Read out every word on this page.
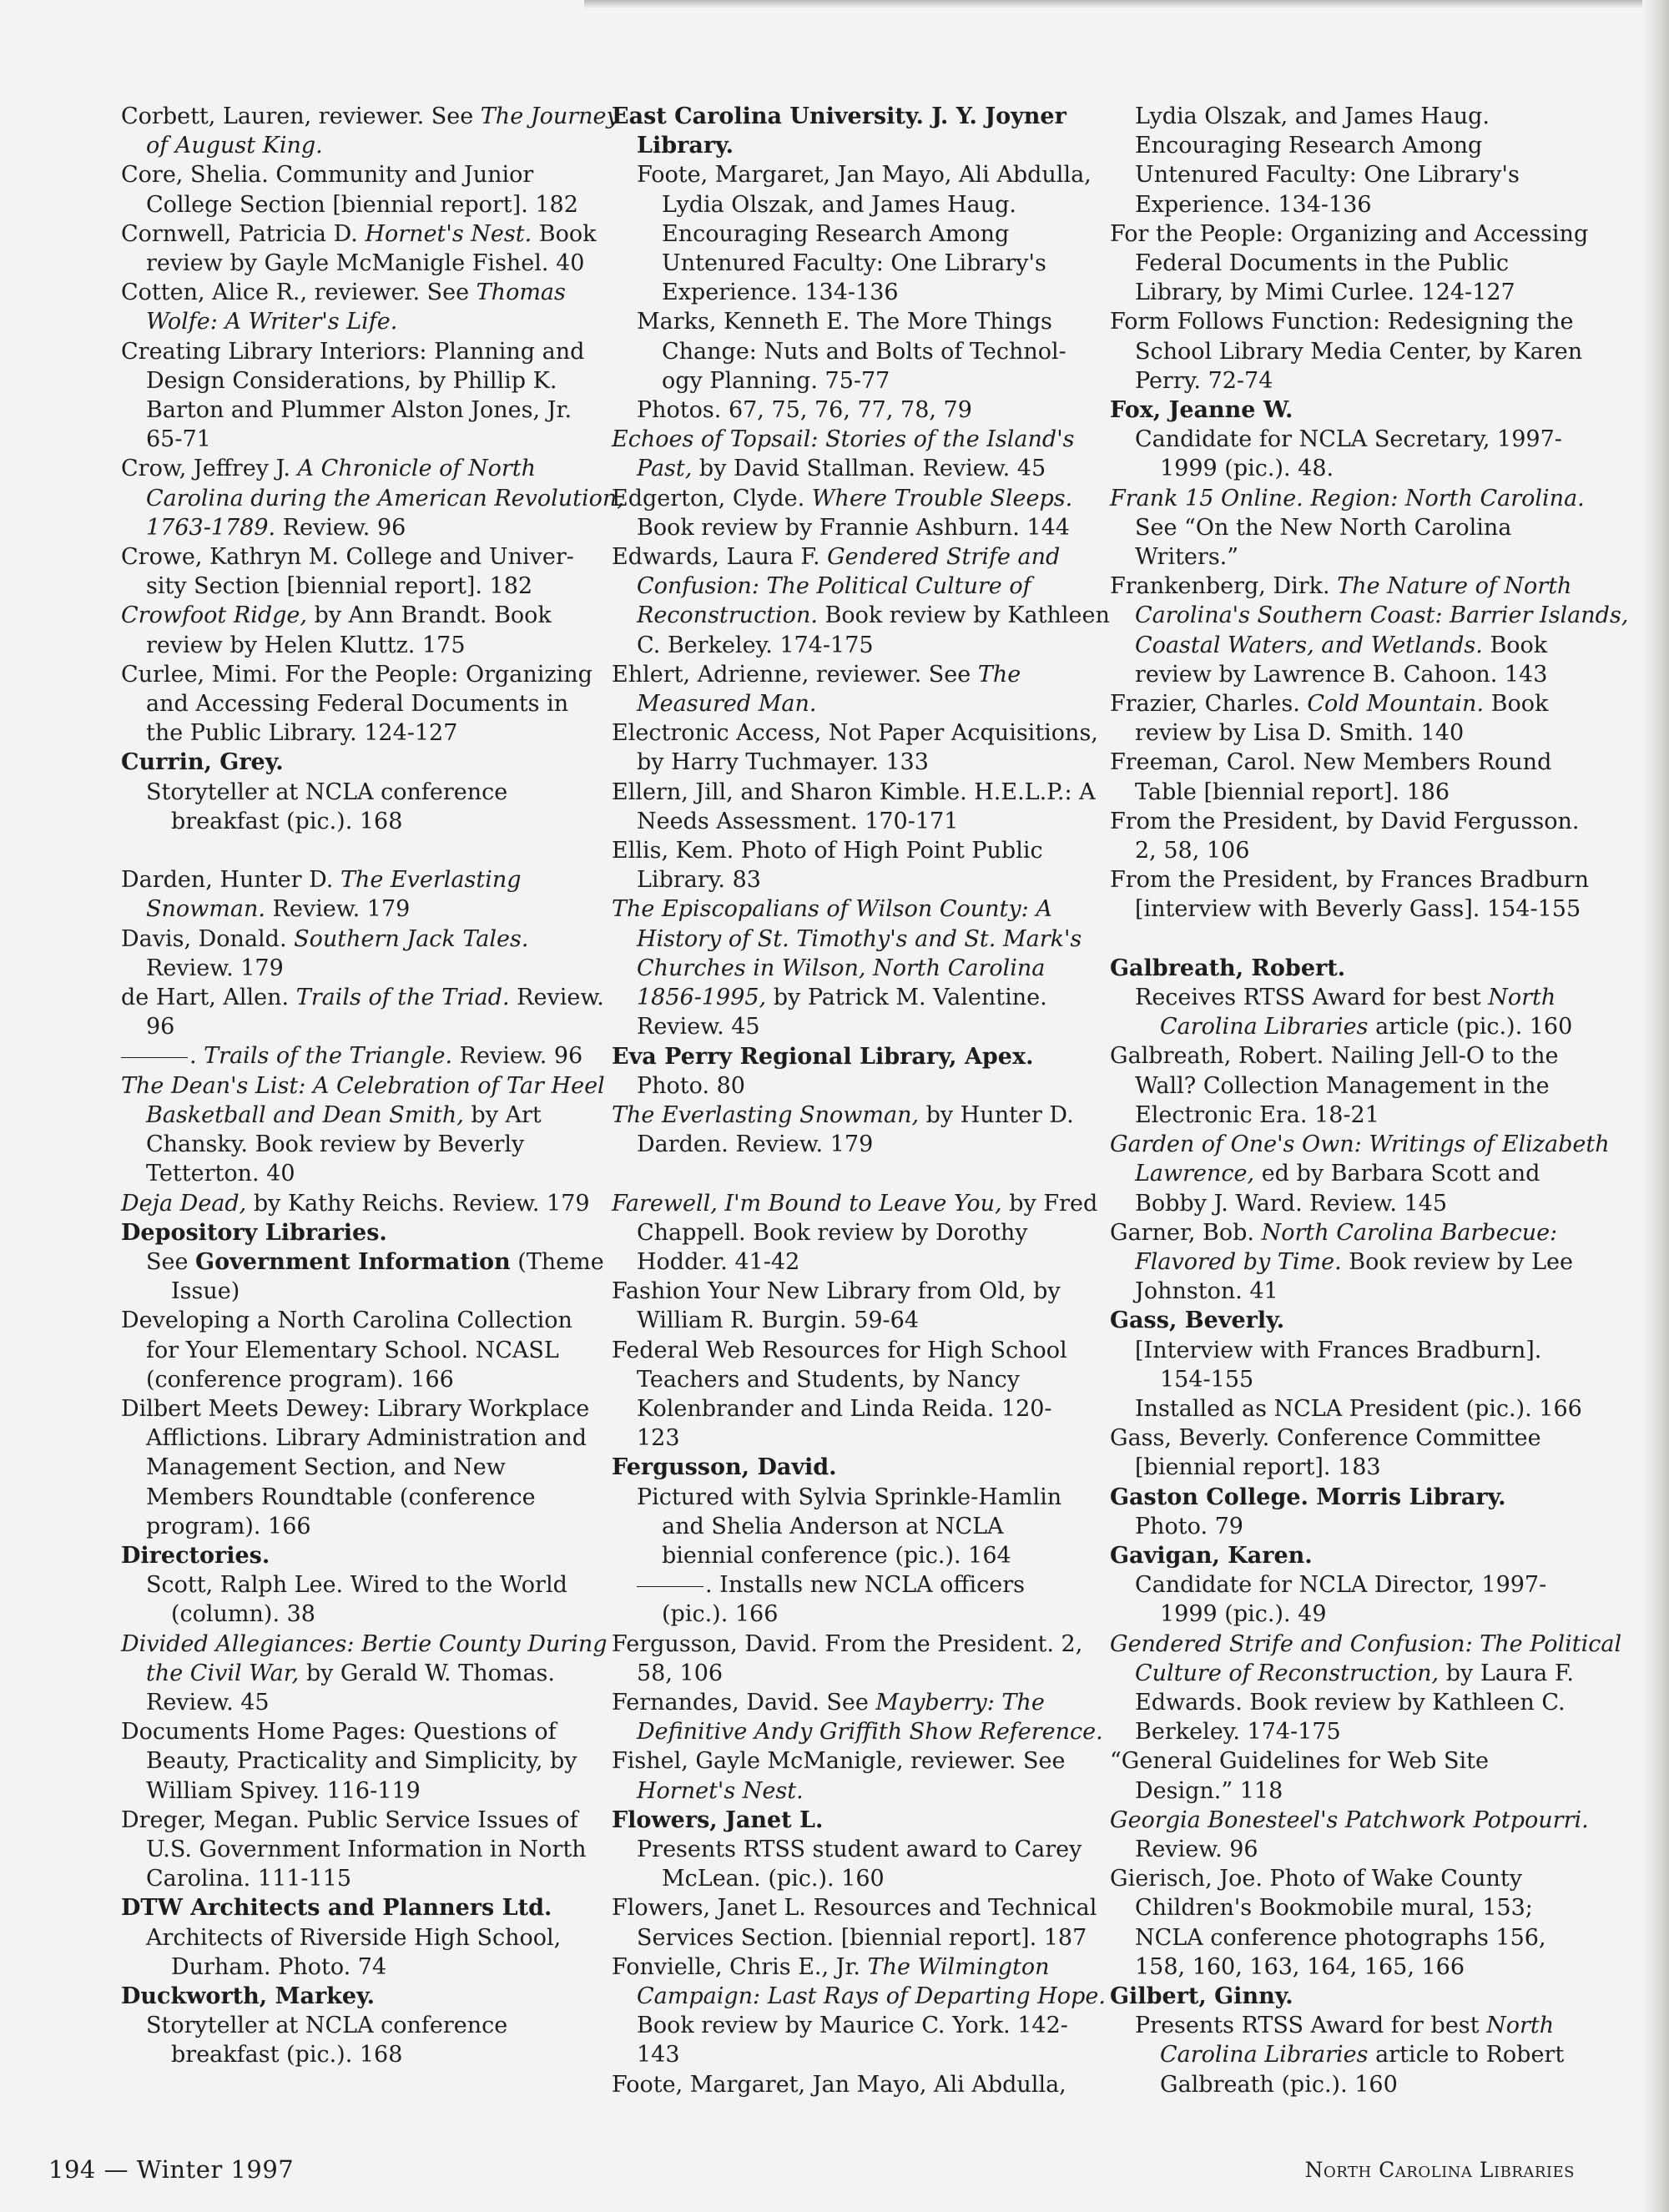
Corbett, Lauren, reviewer. See The Journey
of August King.

Core, Shelia. Community and Junior
College Section [biennial report]. 182

Cornwell, Patricia D. Hornet's Nest. Book
review by Gayle McManigle Fishel. 40

Cotten, Alice R., reviewer. See Thomas
Wolfe: A Writer's Life.

Creating Library Interiors: Planning and
Design Considerations, by Phillip K.
Barton and Plummer Alston Jones, Jr.
65-71

Crow, Jeffrey J. A Chronicle of North
Carolina during the American Revolution,
1763-1789. Review. 96

Crowe, Kathryn M. College and Univer-
sity Section [biennial report]. 182

Crowfoot Ridge, by Ann Brandt. Book
review by Helen Kluttz. 175

Curlee, Mimi. For the People: Organizing
and Accessing Federal Documents in
the Public Library. 124-127

Currin, Grey.

Storyteller at NCLA conference
breakfast (pic.). 168

Darden, Hunter D. The Everlasting
Snowman. Review. 179

Davis, Donald. Southern Jack Tales.
Review. 179

de Hart, Allen. Trails of the Triad. Review.
96

. Trails of the Triangle. Review. 96

The Dean's List: A Celebration of Tar Heel
Basketball and Dean Smith, by Art
Chansky. Book review by Beverly
Tetterton. 40

Deja Dead, by Kathy Reichs. Review. 179

Depository Libraries.

See Government Information (Theme
Issue)

Developing a North Carolina Collection
for Your Elementary School. NCASL
(conference program). 166

Dilbert Meets Dewey: Library Workplace
Afflictions. Library Administration and
Management Section, and New
Members Roundtable (conference
program). 166

Directories.

Scott, Ralph Lee. Wired to the World
(column). 38

Divided Allegiances: Bertie County During
the Civil War, by Gerald W. Thomas.
Review. 45

Documents Home Pages: Questions of
Beauty, Practicality and Simplicity, by
William Spivey. 116-119

Dreger, Megan. Public Service Issues of
U.S. Government Information in North
Carolina. 111-115

DTW Architects and Planners Ltd.

Architects of Riverside High School,
Durham. Photo. 74

Duckworth, Markey.

Storyteller at NCLA conference
breakfast (pic.). 168

East Carolina University. J. Y. Joyner
Library.

Foote, Margaret, Jan Mayo, Ali Abdulla,
Lydia Olszak, and James Haug.
Encouraging Research Among
Untenured Faculty: One Library's
Experience. 134-136

Marks, Kenneth E. The More Things
Change: Nuts and Bolts of Technol-
ogy Planning. 75-77

Photos. 67, 75, 76, 77, 78, 79

Echoes of Topsail: Stories of the Island's
Past, by David Stallman. Review. 45

Edgerton, Clyde. Where Trouble Sleeps.
Book review by Frannie Ashburn. 144

Edwards, Laura F. Gendered Strife and
Confusion: The Political Culture of
Reconstruction. Book review by Kathleen
C. Berkeley. 174-175

Ehlert, Adrienne, reviewer. See The
Measured Man.

Electronic Access, Not Paper Acquisitions,
by Harry Tuchmayer. 133

Ellern, Jill, and Sharon Kimble. H.E.L.P.: A
Needs Assessment. 170-171

Ellis, Kem. Photo of High Point Public
Library. 83

The Episcopalians of Wilson County: A
History of St. Timothy's and St. Mark's
Churches in Wilson, North Carolina
1856-1995, by Patrick M. Valentine.
Review. 45

Eva Perry Regional Library, Apex.

Photo. 80

The Everlasting Snowman, by Hunter D.
Darden. Review. 179

Farewell, I'm Bound to Leave You, by Fred
Chappell. Book review by Dorothy
Hodder. 41-42

Fashion Your New Library from Old, by
William R. Burgin. 59-64

Federal Web Resources for High School
Teachers and Students, by Nancy
Kolenbrander and Linda Reida. 120-
123

Fergusson, David.

Pictured with Sylvia Sprinkle-Hamlin
and Shelia Anderson at NCLA
biennial conference (pic.). 164

. Installs new NCLA officers
(pic.). 166

Fergusson, David. From the President. 2,
58, 106

Fernandes, David. See Mayberry: The
Definitive Andy Griffith Show Reference.

Fishel, Gayle McManigle, reviewer. See
Hornet's Nest.

Flowers, Janet L.

Presents RTSS student award to Carey
McLean. (pic.). 160

Flowers, Janet L. Resources and Technical
Services Section. [biennial report]. 187

Fonvielle, Chris E., Jr. The Wilmington
Campaign: Last Rays of Departing Hope.
Book review by Maurice C. York. 142-
143

Foote, Margaret, Jan Mayo, Ali Abdulla,

Lydia Olszak, and James Haug.
Encouraging Research Among
Untenured Faculty: One Library's
Experience. 134-136

For the People: Organizing and Accessing
Federal Documents in the Public
Library, by Mimi Curlee. 124-127

Form Follows Function: Redesigning the
School Library Media Center, by Karen
Perry. 72-74

Fox, Jeanne W.

Candidate for NCLA Secretary, 1997-
1999 (pic.). 48.

Frank 15 Online. Region: North Carolina.
See “On the New North Carolina
Writers.”

Frankenberg, Dirk. The Nature of North
Carolina's Southern Coast: Barrier Islands,
Coastal Waters, and Wetlands. Book
review by Lawrence B. Cahoon. 143

Frazier, Charles. Cold Mountain. Book
review by Lisa D. Smith. 140

Freeman, Carol. New Members Round
Table [biennial report]. 186

From the President, by David Fergusson.
2, 58, 106

From the President, by Frances Bradburn
[interview with Beverly Gass]. 154-155

Galbreath, Robert.

Receives RTSS Award for best North
Carolina Libraries article (pic.). 160

Galbreath, Robert. Nailing Jell-O to the
Wall? Collection Management in the
Electronic Era. 18-21

Garden of One's Own: Writings of Elizabeth
Lawrence, ed by Barbara Scott and
Bobby J. Ward. Review. 145

Garner, Bob. North Carolina Barbecue:
Flavored by Time. Book review by Lee
Johnston. 41

Gass, Beverly.

[Interview with Frances Bradburn].
154-155

Installed as NCLA President (pic.). 166

Gass, Beverly. Conference Committee
[biennial report]. 183

Gaston College. Morris Library.

Photo. 79

Gavigan, Karen.

Candidate for NCLA Director, 1997-
1999 (pic.). 49

Gendered Strife and Confusion: The Political
Culture of Reconstruction, by Laura F.
Edwards. Book review by Kathleen C.
Berkeley. 174-175

“General Guidelines for Web Site
Design.” 118

Georgia Bonesteel's Patchwork Potpourri.
Review. 96

Gierisch, Joe. Photo of Wake County
Children's Bookmobile mural, 153;
NCLA conference photographs 156,
158, 160, 163, 164, 165, 166

Gilbert, Ginny.

Presents RTSS Award for best North
Carolina Libraries article to Robert
Galbreath (pic.). 160

194 — Winter 1997	North Carolina Libraries
